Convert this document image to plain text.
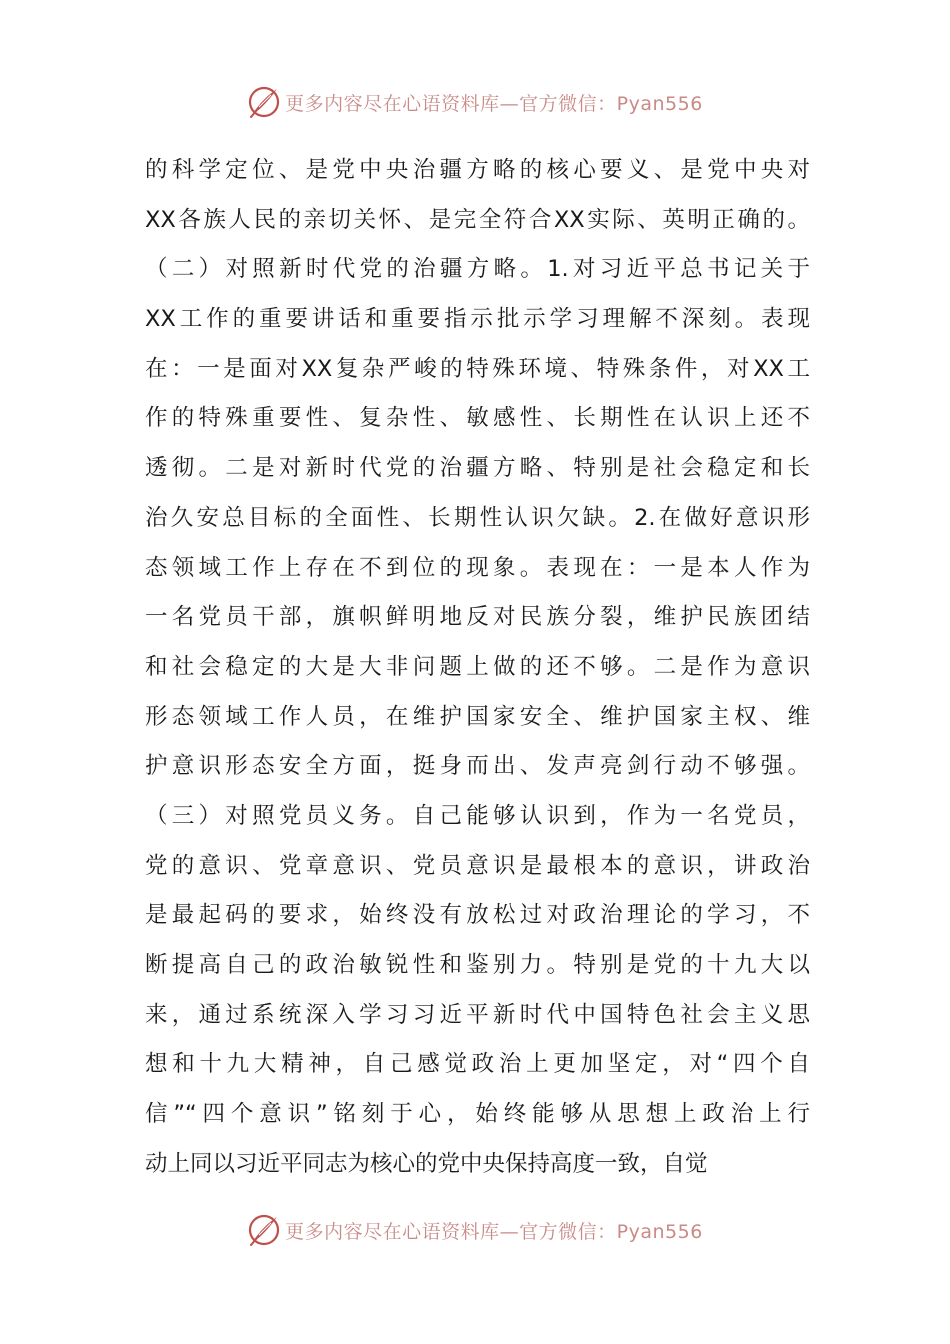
更多内容尽在心语资料库—官方微信：Pyan556
的科学定位、是党中央治疆方略的核心要义、是党中央对
XX各族人民的亲切关怀、是完全符合XX实际、英明正确的。
（二）对照新时代党的治疆方略。1.对习近平总书记关于
XX工作的重要讲话和重要指示批示学习理解不深刻。表现
在：一是面对XX复杂严峻的特殊环境、特殊条件，对XX工
作的特殊重要性、复杂性、敏感性、长期性在认识上还不
透彻。二是对新时代党的治疆方略、特别是社会稳定和长
治久安总目标的全面性、长期性认识欠缺。2.在做好意识形
态领域工作上存在不到位的现象。表现在：一是本人作为
一名党员干部，旗帜鲜明地反对民族分裂，维护民族团结
和社会稳定的大是大非问题上做的还不够。二是作为意识
形态领域工作人员，在维护国家安全、维护国家主权、维
护意识形态安全方面，挺身而出、发声亮剑行动不够强。
（三）对照党员义务。自己能够认识到，作为一名党员，
党的意识、党章意识、党员意识是最根本的意识，讲政治
是最起码的要求，始终没有放松过对政治理论的学习，不
断提高自己的政治敏锐性和鉴别力。特别是党的十九大以
来，通过系统深入学习习近平新时代中国特色社会主义思
想和十九大精神，自己感觉政治上更加坚定，对“四个自
信”“四个意识”铭刻于心，始终能够从思想上政治上行
动上同以习近平同志为核心的党中央保持高度一致，自觉
更多内容尽在心语资料库—官方微信：Pyan556
